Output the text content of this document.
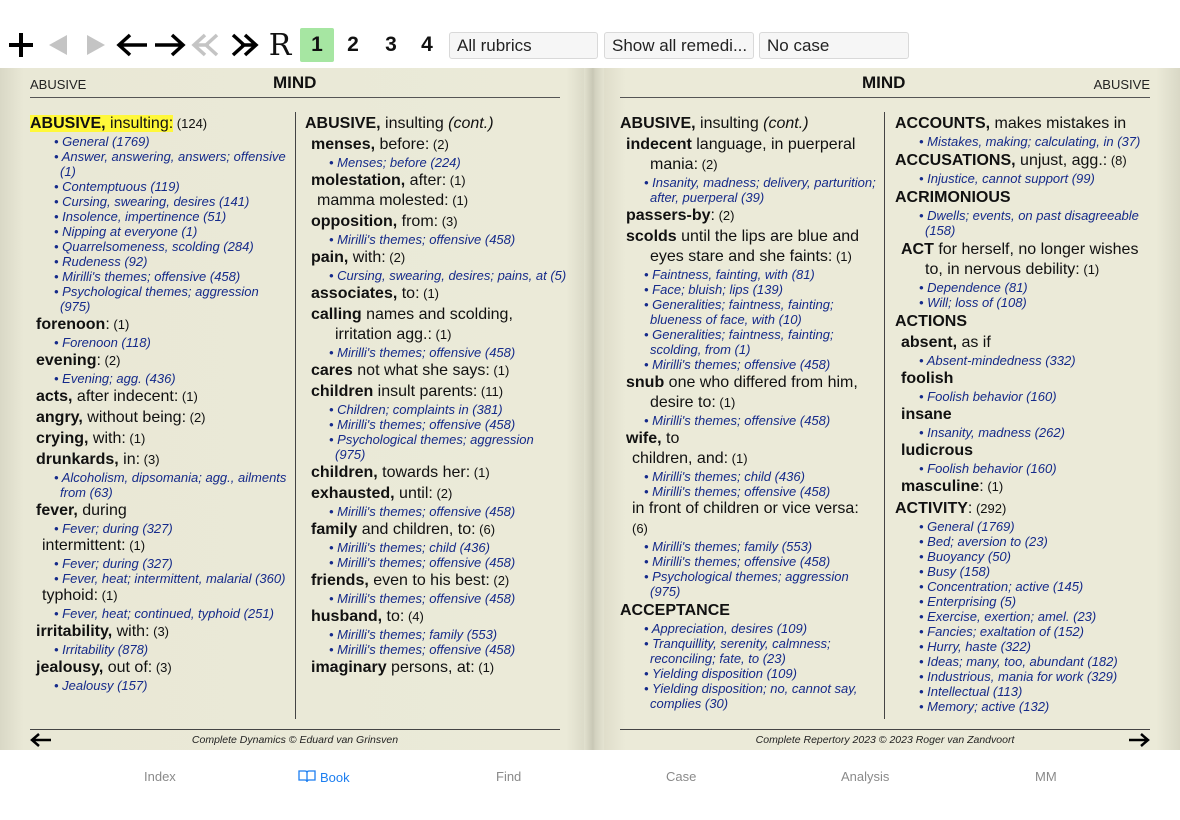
R 1	2	3	4	All rubrics	Show all remedi...	No case
ABUSIVE	MIND	MIND	ABUSIVE
ABUSIVE, insulting: (124)
• General (1769)
• Answer, answering, answers; offensive (1)
• Contemptuous (119)
• Cursing, swearing, desires (141)
• Insolence, impertinence (51)
• Nipping at everyone (1)
• Quarrelsomeness, scolding (284)
• Rudeness (92)
• Mirilli's themes; offensive (458)
• Psychological themes; aggression (975)
forenoon: (1)
• Forenoon (118)
evening: (2)
• Evening; agg. (436)
acts, after indecent: (1)
angry, without being: (2)
crying, with: (1)
drunkards, in: (3)
• Alcoholism, dipsomania; agg., ailments from (63)
fever, during
• Fever; during (327)
intermittent: (1)
• Fever; during (327)
• Fever, heat; intermittent, malarial (360)
typhoid: (1)
• Fever, heat; continued, typhoid (251)
irritability, with: (3)
• Irritability (878)
jealousy, out of: (3)
• Jealousy (157)
ABUSIVE, insulting (cont.)
menses, before: (2)
• Menses; before (224)
molestation, after: (1)
mamma molested: (1)
opposition, from: (3)
• Mirilli's themes; offensive (458)
pain, with: (2)
• Cursing, swearing, desires; pains, at (5)
associates, to: (1)
calling names and scolding, irritation agg.: (1)
• Mirilli's themes; offensive (458)
cares not what she says: (1)
children insult parents: (11)
• Children; complaints in (381)
• Mirilli's themes; offensive (458)
• Psychological themes; aggression (975)
children, towards her: (1)
exhausted, until: (2)
• Mirilli's themes; offensive (458)
family and children, to: (6)
• Mirilli's themes; child (436)
• Mirilli's themes; offensive (458)
friends, even to his best: (2)
• Mirilli's themes; offensive (458)
husband, to: (4)
• Mirilli's themes; family (553)
• Mirilli's themes; offensive (458)
imaginary persons, at: (1)
ABUSIVE, insulting (cont.)
indecent language, in puerperal mania: (2)
• Insanity, madness; delivery, parturition; after, puerperal (39)
passers-by: (2)
scolds until the lips are blue and eyes stare and she faints: (1)
• Faintness, fainting, with (81)
• Face; bluish; lips (139)
• Generalities; faintness, fainting; blueness of face, with (10)
• Generalities; faintness, fainting; scolding, from (1)
• Mirilli's themes; offensive (458)
snub one who differed from him, desire to: (1)
• Mirilli's themes; offensive (458)
wife, to
children, and: (1)
• Mirilli's themes; child (436)
• Mirilli's themes; offensive (458)
in front of children or vice versa: (6)
• Mirilli's themes; family (553)
• Mirilli's themes; offensive (458)
• Psychological themes; aggression (975)
ACCEPTANCE
• Appreciation, desires (109)
• Tranquillity, serenity, calmness; reconciling; fate, to (23)
• Yielding disposition (109)
• Yielding disposition; no, cannot say, complies (30)
ACCOUNTS, makes mistakes in
• Mistakes, making; calculating, in (37)
ACCUSATIONS, unjust, agg.: (8)
• Injustice, cannot support (99)
ACRIMONIOUS
• Dwells; events, on past disagreeable (158)
ACT for herself, no longer wishes to, in nervous debility: (1)
• Dependence (81)
• Will; loss of (108)
ACTIONS
absent, as if
• Absent-mindedness (332)
foolish
• Foolish behavior (160)
insane
• Insanity, madness (262)
ludicrous
• Foolish behavior (160)
masculine: (1)
ACTIVITY: (292)
• General (1769)
• Bed; aversion to (23)
• Buoyancy (50)
• Busy (158)
• Concentration; active (145)
• Enterprising (5)
• Exercise, exertion; amel. (23)
• Fancies; exaltation of (152)
• Hurry, haste (322)
• Ideas; many, too, abundant (182)
• Industrious, mania for work (329)
• Intellectual (113)
• Memory; active (132)
Complete Dynamics © Eduard van Grinsven	Complete Repertory 2023 © 2023 Roger van Zandvoort
Index	Book	Find	Case	Analysis	MM
